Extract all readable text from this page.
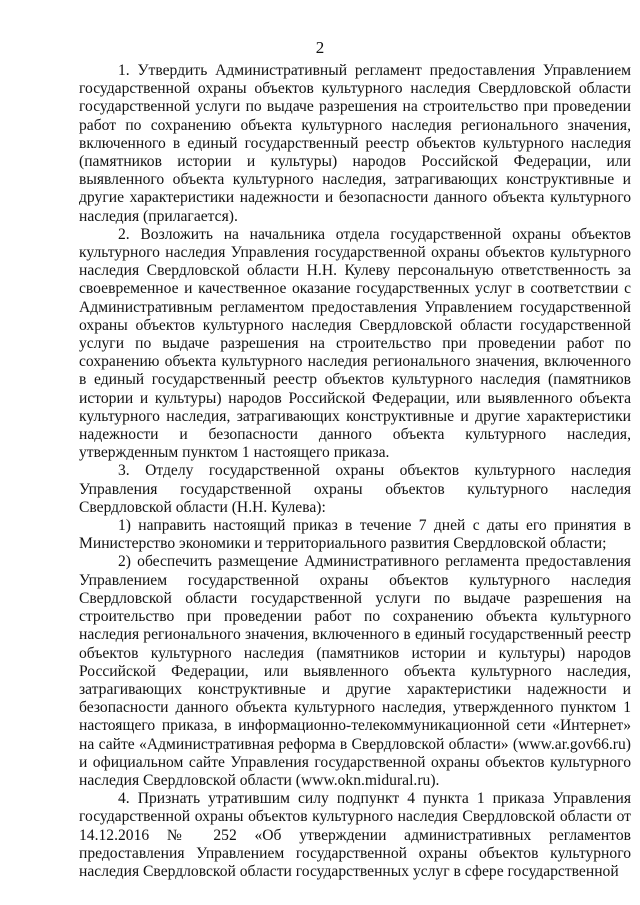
2

1. Утвердить Административный регламент предоставления Управлением государственной охраны объектов культурного наследия Свердловской области государственной услуги по выдаче разрешения на строительство при проведении работ по сохранению объекта культурного наследия регионального значения, включенного в единый государственный реестр объектов культурного наследия (памятников истории и культуры) народов Российской Федерации, или выявленного объекта культурного наследия, затрагивающих конструктивные и другие характеристики надежности и безопасности данного объекта культурного наследия (прилагается).

2. Возложить на начальника отдела государственной охраны объектов культурного наследия Управления государственной охраны объектов культурного наследия Свердловской области Н.Н. Кулеву персональную ответственность за своевременное и качественное оказание государственных услуг в соответствии с Административным регламентом предоставления Управлением государственной охраны объектов культурного наследия Свердловской области государственной услуги по выдаче разрешения на строительство при проведении работ по сохранению объекта культурного наследия регионального значения, включенного в единый государственный реестр объектов культурного наследия (памятников истории и культуры) народов Российской Федерации, или выявленного объекта культурного наследия, затрагивающих конструктивные и другие характеристики надежности и безопасности данного объекта культурного наследия, утвержденным пунктом 1 настоящего приказа.

3. Отделу государственной охраны объектов культурного наследия Управления государственной охраны объектов культурного наследия Свердловской области (Н.Н. Кулева):

1) направить настоящий приказ в течение 7 дней с даты его принятия в Министерство экономики и территориального развития Свердловской области;

2) обеспечить размещение Административного регламента предоставления Управлением государственной охраны объектов культурного наследия Свердловской области государственной услуги по выдаче разрешения на строительство при проведении работ по сохранению объекта культурного наследия регионального значения, включенного в единый государственный реестр объектов культурного наследия (памятников истории и культуры) народов Российской Федерации, или выявленного объекта культурного наследия, затрагивающих конструктивные и другие характеристики надежности и безопасности данного объекта культурного наследия, утвержденного пунктом 1 настоящего приказа, в информационно-телекоммуникационной сети «Интернет» на сайте «Административная реформа в Свердловской области» (www.ar.gov66.ru) и официальном сайте Управления государственной охраны объектов культурного наследия Свердловской области (www.okn.midural.ru).

4. Признать утратившим силу подпункт 4 пункта 1 приказа Управления государственной охраны объектов культурного наследия Свердловской области от 14.12.2016 № 252 «Об утверждении административных регламентов предоставления Управлением государственной охраны объектов культурного наследия Свердловской области государственных услуг в сфере государственной
